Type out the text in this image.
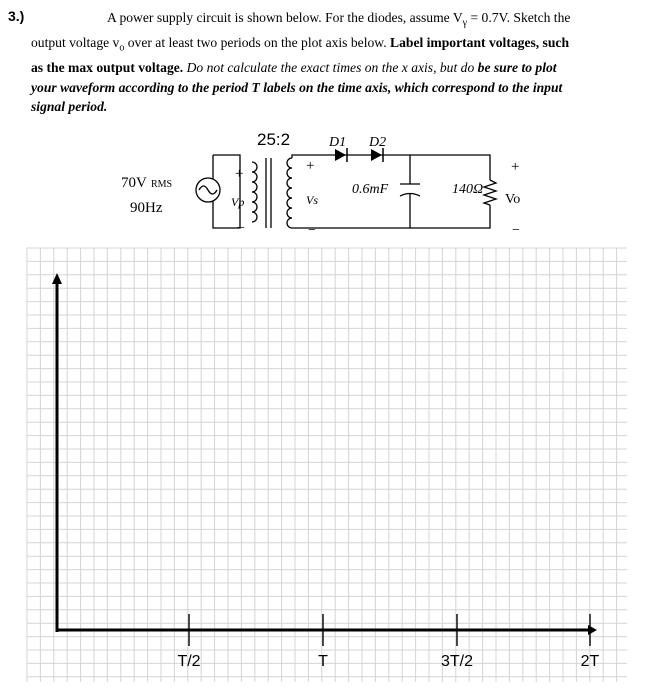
3.)	A power supply circuit is shown below. For the diodes, assume $V_\gamma = 0.7V$. Sketch the
output voltage $v_o$ over at least two periods on the plot axis below. Label important voltages, such
as the max output voltage. Do not calculate the exact times on the x axis, but do be sure to plot
your waveform according to the period T labels on the time axis, which correspond to the input
signal period.
70V RMS
90Hz
25:2
+
Vp
−
+
Vs
−
D1 D2
0.6mF	140Ω
+
Vo
−
T/2	T	3T/2	2T
